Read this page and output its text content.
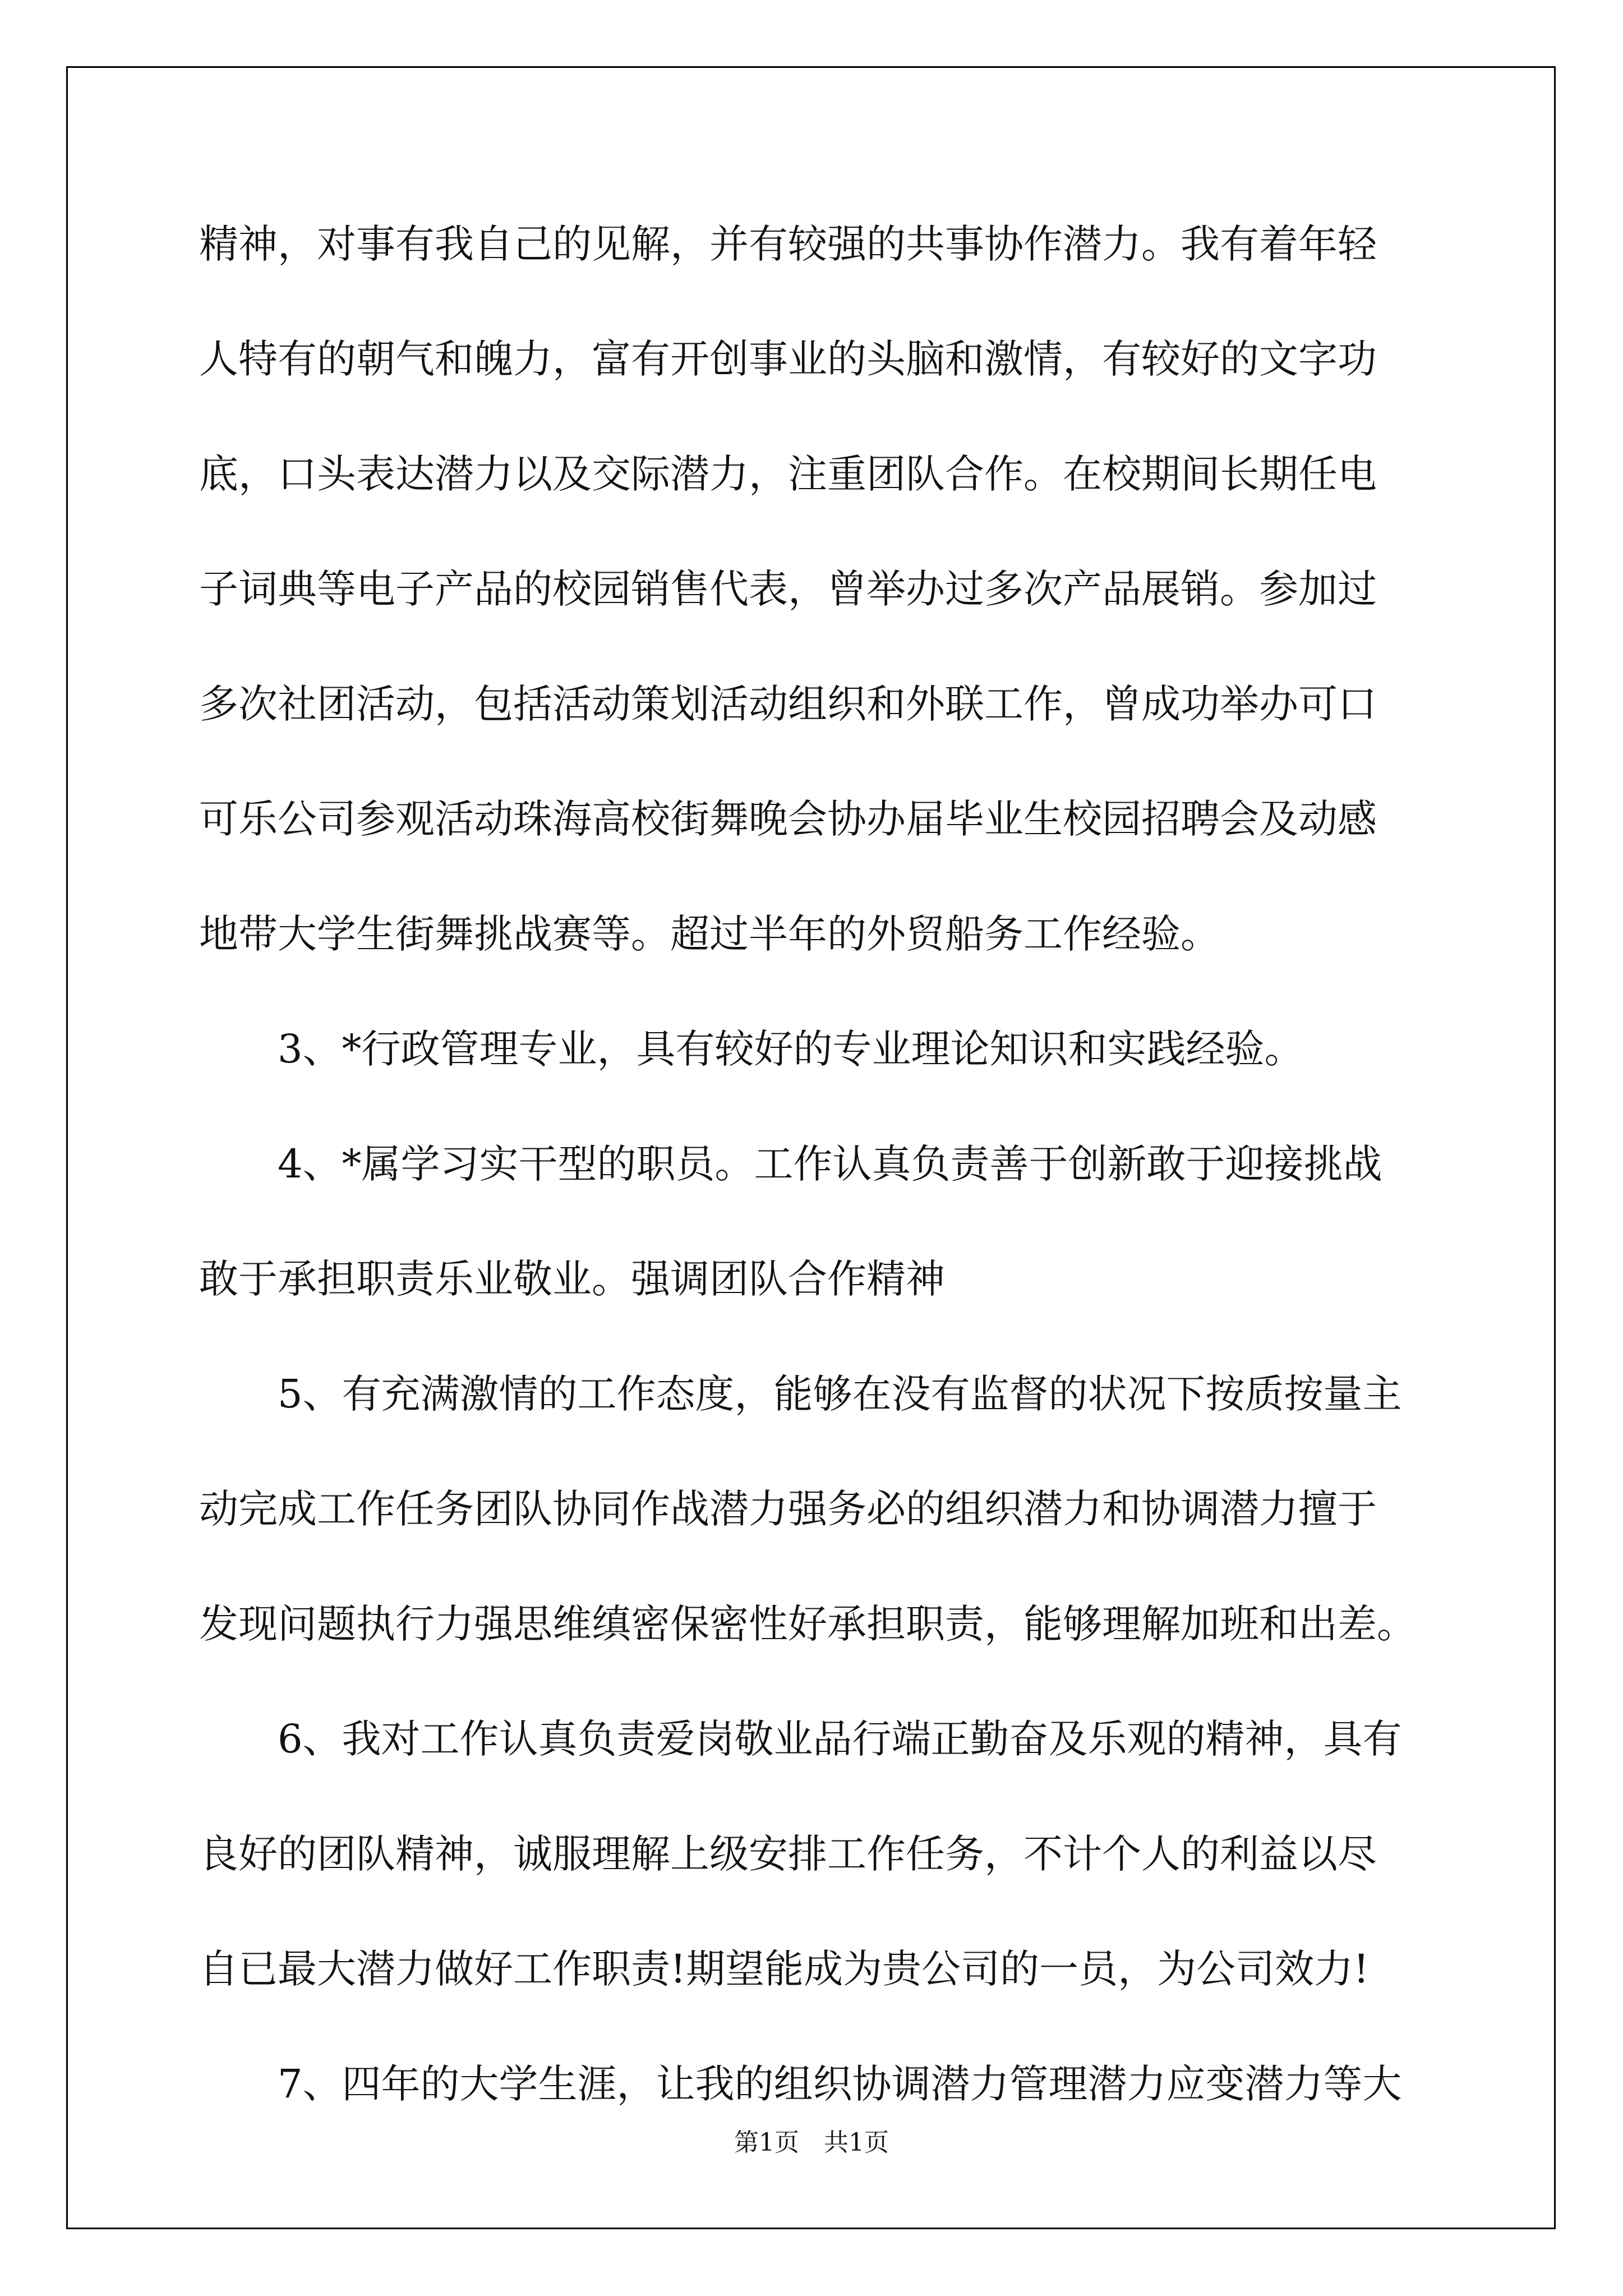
精神，对事有我自己的见解，并有较强的共事协作潜力。我有着年轻
人特有的朝气和魄力，富有开创事业的头脑和激情，有较好的文字功
底，口头表达潜力以及交际潜力，注重团队合作。在校期间长期任电
子词典等电子产品的校园销售代表，曾举办过多次产品展销。参加过
多次社团活动，包括活动策划活动组织和外联工作，曾成功举办可口
可乐公司参观活动珠海高校街舞晚会协办届毕业生校园招聘会及动感
地带大学生街舞挑战赛等。超过半年的外贸船务工作经验。
3、*行政管理专业，具有较好的专业理论知识和实践经验。
4、*属学习实干型的职员。工作认真负责善于创新敢于迎接挑战
敢于承担职责乐业敬业。强调团队合作精神
5、有充满激情的工作态度，能够在没有监督的状况下按质按量主
动完成工作任务团队协同作战潜力强务必的组织潜力和协调潜力擅于
发现问题执行力强思维缜密保密性好承担职责，能够理解加班和出差。
6、我对工作认真负责爱岗敬业品行端正勤奋及乐观的精神，具有
良好的团队精神，诚服理解上级安排工作任务，不计个人的利益以尽
自已最大潜力做好工作职责!期望能成为贵公司的一员，为公司效力!
7、四年的大学生涯，让我的组织协调潜力管理潜力应变潜力等大
第1页　共1页
